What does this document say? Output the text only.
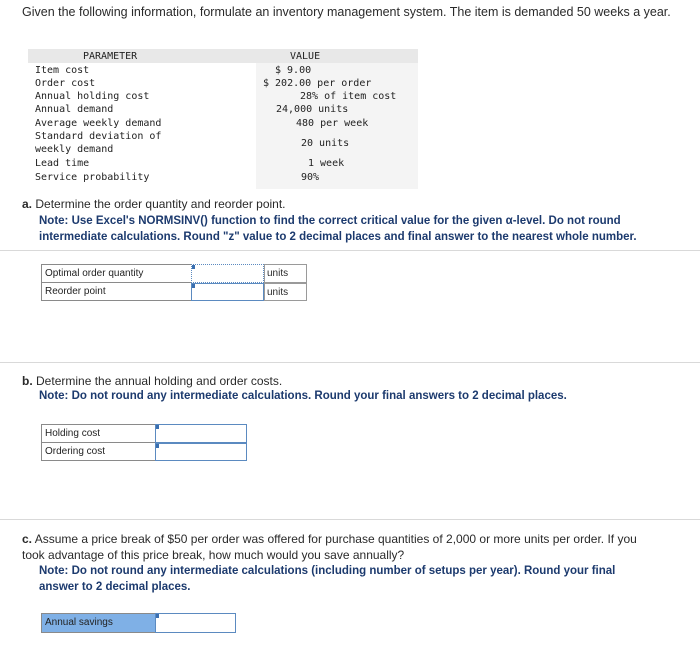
Given the following information, formulate an inventory management system. The item is demanded 50 weeks a year.
PARAMETER	VALUE
Item cost
Order cost
Annual holding cost
Annual demand
Average weekly demand
Standard deviation of
weekly demand
Lead time
Service probability
$ 9.00
$ 202.00 per order
28% of item cost
24,000 units
480 per week
20 units
1 week
90%
a. Determine the order quantity and reorder point.
Note: Use Excel's NORMSINV() function to find the correct critical value for the given α-level. Do not round intermediate calculations. Round "z" value to 2 decimal places and final answer to the nearest whole number.
Optimal order quantity
Reorder point
units
units
b. Determine the annual holding and order costs.
Note: Do not round any intermediate calculations. Round your final answers to 2 decimal places.
Holding cost
Ordering cost
c. Assume a price break of $50 per order was offered for purchase quantities of 2,000 or more units per order. If you took advantage of this price break, how much would you save annually?
Note: Do not round any intermediate calculations (including number of setups per year). Round your final answer to 2 decimal places.
Annual savings
